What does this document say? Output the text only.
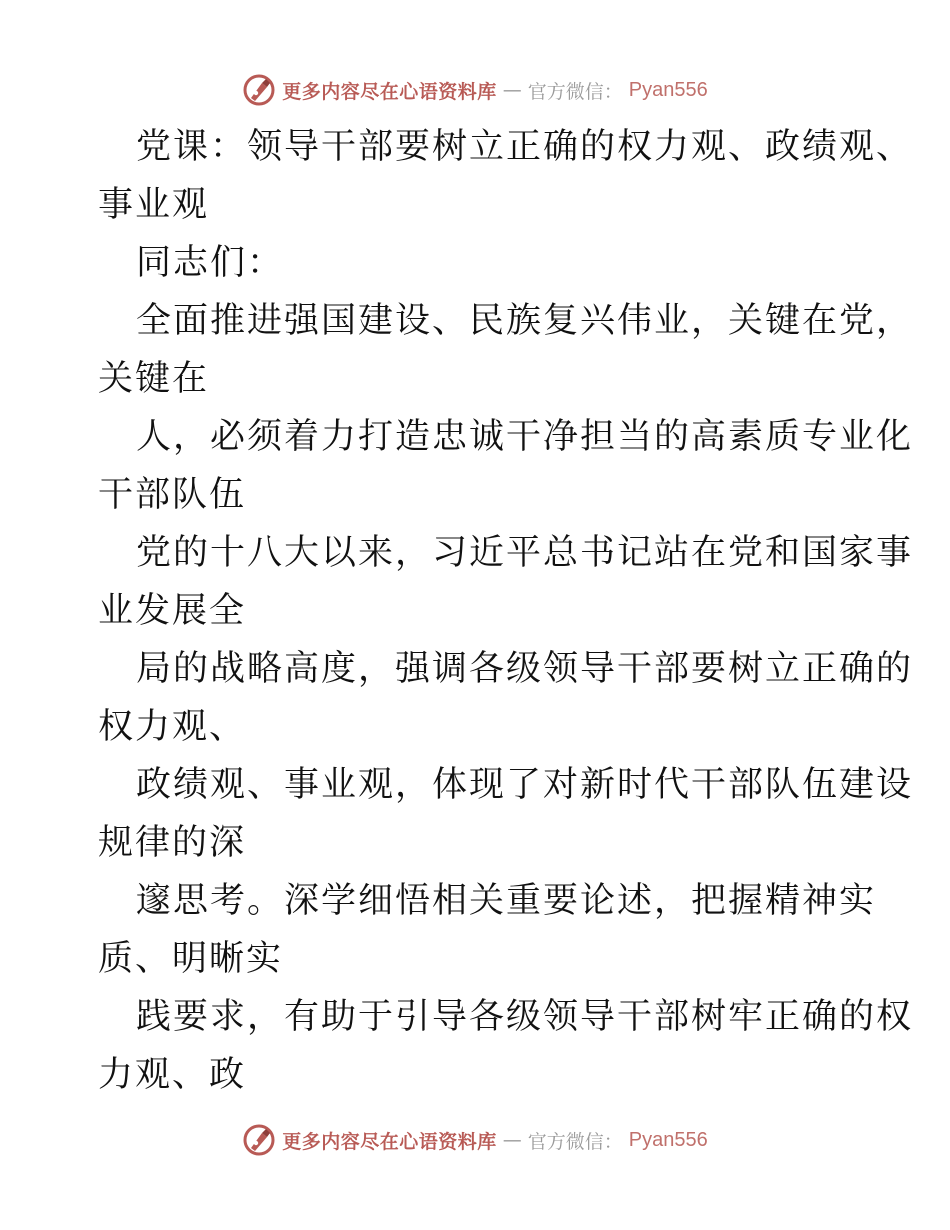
更多内容尽在心语资料库 — 官方微信： Pyan556
党课：领导干部要树立正确的权力观、政绩观、
事业观
同志们：
全面推进强国建设、民族复兴伟业，关键在党，
关键在
人，必须着力打造忠诚干净担当的高素质专业化
干部队伍
党的十八大以来，习近平总书记站在党和国家事
业发展全
局的战略高度，强调各级领导干部要树立正确的
权力观、
政绩观、事业观，体现了对新时代干部队伍建设
规律的深
邃思考。深学细悟相关重要论述，把握精神实
质、明晰实
践要求，有助于引导各级领导干部树牢正确的权
力观、政
更多内容尽在心语资料库 — 官方微信： Pyan556
